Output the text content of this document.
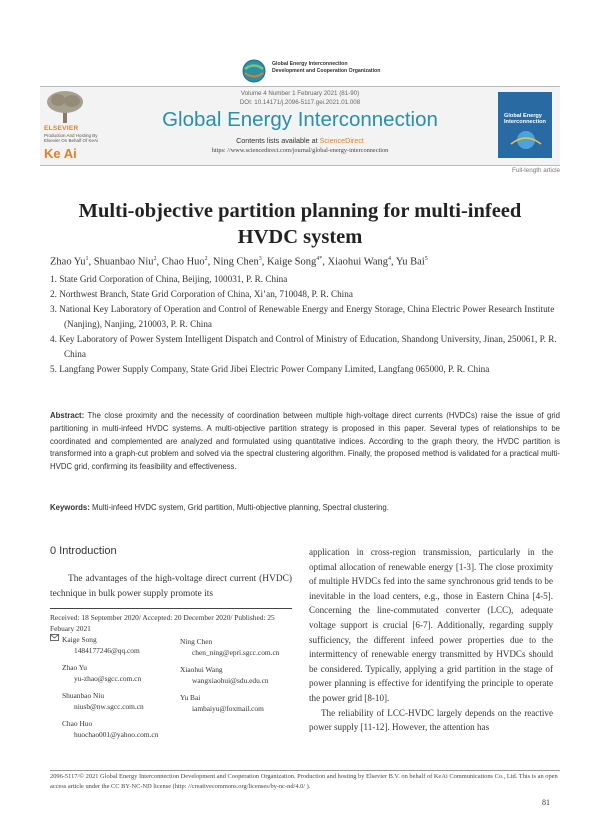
Global Energy Interconnection
Development and Cooperation Organization
ELSEVIER
Production And Hosting By Elsevier On Behalf Of KeAi
Ke Ai
Volume 4 Number 1 February 2021 (81-90)
DOI: 10.14171/j.2096-5117.gei.2021.01.008
Global Energy Interconnection
Contents lists available at ScienceDirect
https: //www.sciencedirect.com/journal/global-energy-interconnection
Global Energy Interconnection
Full-length article
Multi-objective partition planning for multi-infeed HVDC system
Zhao Yu$^1$, Shuanbao Niu$^2$, Chao Huo$^2$, Ning Chen$^3$, Kaige Song$^{4*}$, Xiaohui Wang$^4$, Yu Bai$^5$

1. State Grid Corporation of China, Beijing, 100031, P. R. China

2. Northwest Branch, State Grid Corporation of China, Xi’an, 710048, P. R. China

3. National Key Laboratory of Operation and Control of Renewable Energy and Energy Storage, China Electric Power Research Institute (Nanjing), Nanjing, 210003, P. R. China

4. Key Laboratory of Power System Intelligent Dispatch and Control of Ministry of Education, Shandong University, Jinan, 250061, P. R. China

5. Langfang Power Supply Company, State Grid Jibei Electric Power Company Limited, Langfang 065000, P. R. China

Abstract: The close proximity and the necessity of coordination between multiple high-voltage direct currents (HVDCs) raise the issue of grid partitioning in multi-infeed HVDC systems. A multi-objective partition strategy is proposed in this paper. Several types of relationships to be coordinated and complemented are analyzed and formulated using quantitative indices. According to the graph theory, the HVDC partition is transformed into a graph-cut problem and solved via the spectral clustering algorithm. Finally, the proposed method is validated for a practical multi-HVDC grid, confirming its feasibility and effectiveness.
Keywords: Multi-infeed HVDC system, Grid partition, Multi-objective planning, Spectral clustering.
0 Introduction
The advantages of the high-voltage direct current (HVDC) technique in bulk power supply promote its

application in cross-region transmission, particularly in the optimal allocation of renewable energy [1-3]. The close proximity of multiple HVDCs fed into the same synchronous grid tends to be inevitable in the load centers, e.g., those in Eastern China [4-5]. Concerning the line-commutated converter (LCC), adequate voltage support is crucial [6-7]. Additionally, regarding supply sufficiency, the different infeed power properties due to the intermittency of renewable energy transmitted by HVDCs should be considered. Typically, applying a grid partition in the stage of power planning is effective for identifying the principle to operate the power grid [8-10].

The reliability of LCC-HVDC largely depends on the reactive power supply [11-12]. However, the attention has

Received: 18 September 2020/ Accepted: 20 December 2020/ Published: 25 Febuary 2021
Kaige Song
1484177246@qq.com
Zhao Yu
yu-zhao@sgcc.com.cn
Shuanbao Niu
niusb@nw.sgcc.com.cn
Chao Huo
huochao001@yahoo.com.cn
Ning Chen
chen_ning@epri.sgcc.com.cn
Xiaohui Wang
wangxiaohui@sdu.edu.cn
Yu Bai
iambaiyu@foxmail.com
2096-5117/© 2021 Global Energy Interconnection Development and Cooperation Organization. Production and hosting by Elsevier B.V. on behalf of KeAi Communications Co., Ltd. This is an open access article under the CC BY-NC-ND license (http: //creativecommons.org/licenses/by-nc-nd/4.0/ ).
81
